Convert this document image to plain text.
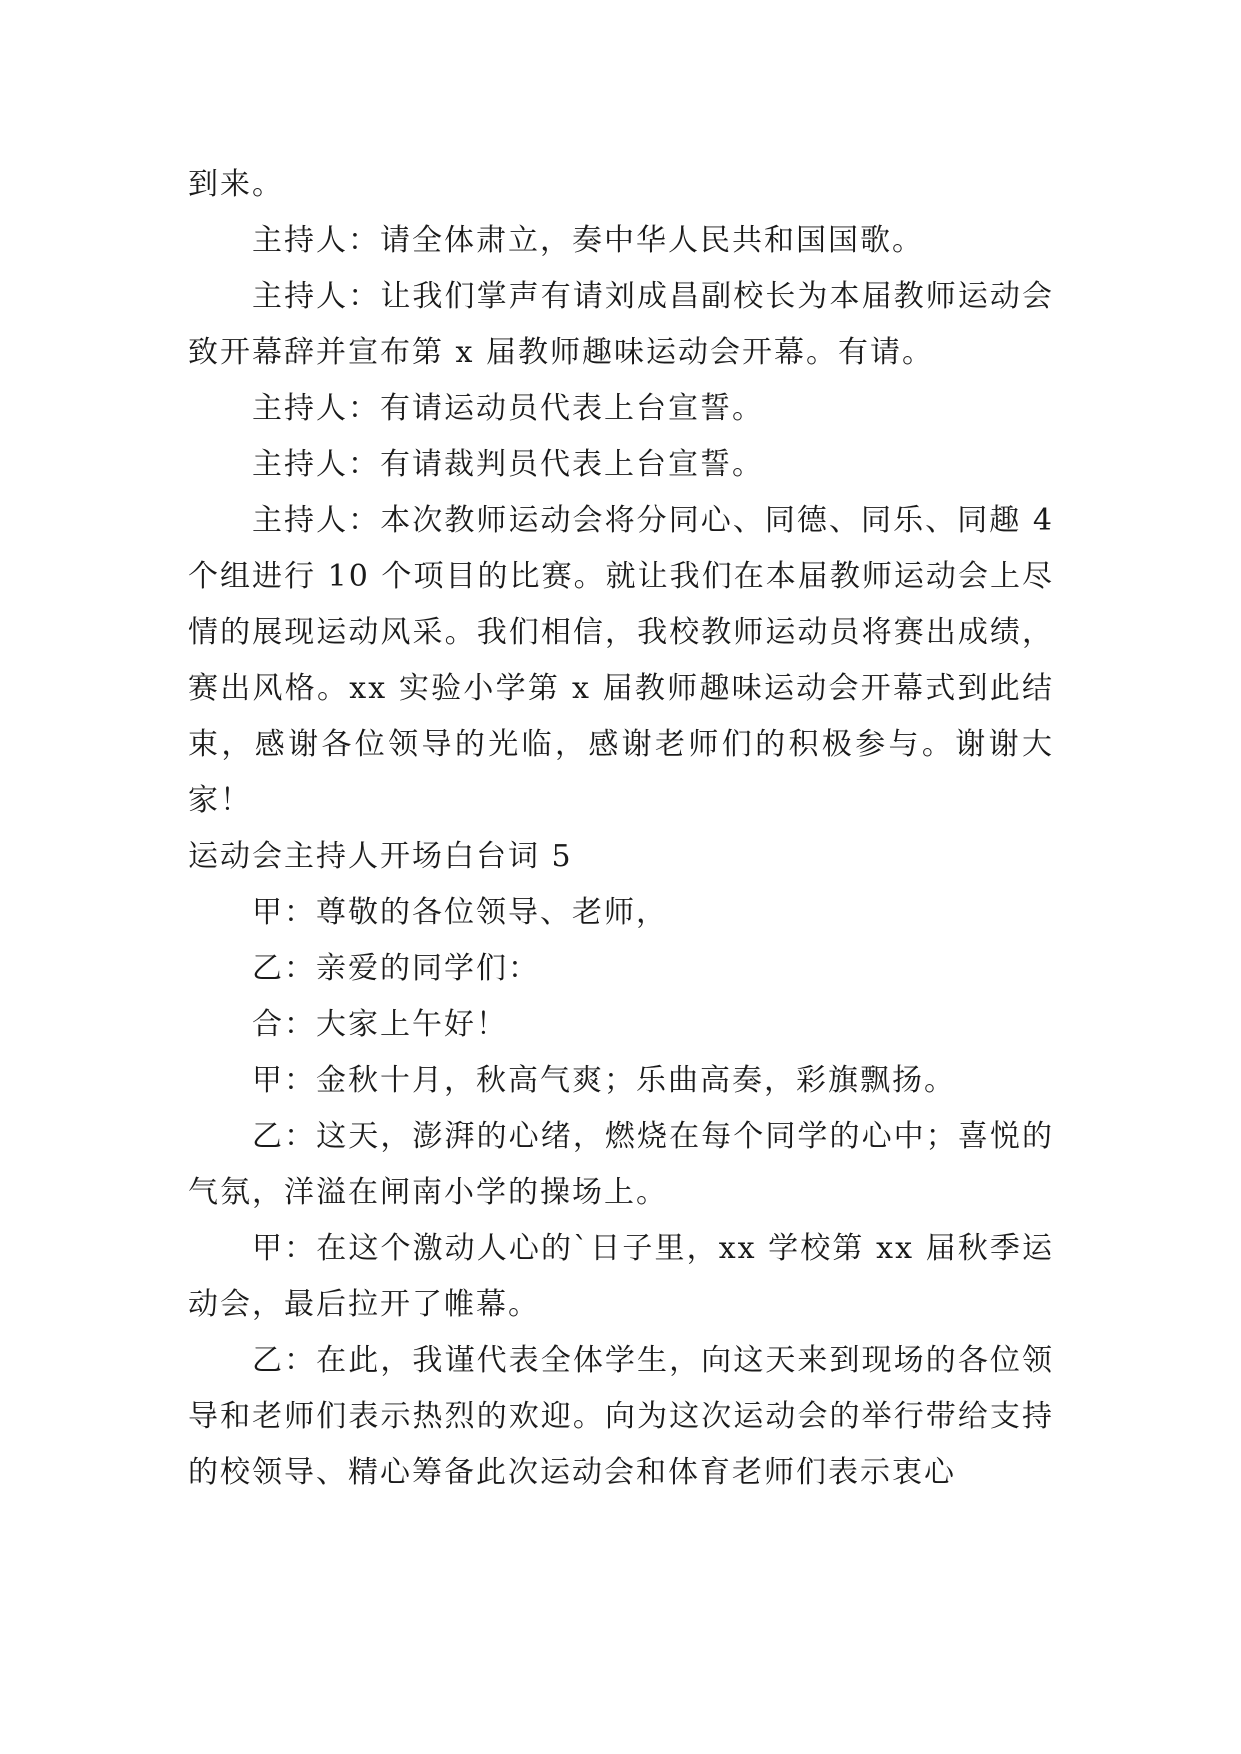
到来。

主持人：请全体肃立，奏中华人民共和国国歌。

主持人：让我们掌声有请刘成昌副校长为本届教师运动会致开幕辞并宣布第 x 届教师趣味运动会开幕。有请。

主持人：有请运动员代表上台宣誓。

主持人：有请裁判员代表上台宣誓。

主持人：本次教师运动会将分同心、同德、同乐、同趣 4 个组进行 10 个项目的比赛。就让我们在本届教师运动会上尽情的展现运动风采。我们相信，我校教师运动员将赛出成绩，赛出风格。xx 实验小学第 x 届教师趣味运动会开幕式到此结束，感谢各位领导的光临，感谢老师们的积极参与。谢谢大家！

运动会主持人开场白台词 5

甲：尊敬的各位领导、老师，

乙：亲爱的同学们：

合：大家上午好！

甲：金秋十月，秋高气爽；乐曲高奏，彩旗飘扬。

乙：这天，澎湃的心绪，燃烧在每个同学的心中；喜悦的气氛，洋溢在闸南小学的操场上。

甲：在这个激动人心的`日子里，xx 学校第 xx 届秋季运动会，最后拉开了帷幕。

乙：在此，我谨代表全体学生，向这天来到现场的各位领导和老师们表示热烈的欢迎。向为这次运动会的举行带给支持的校领导、精心筹备此次运动会和体育老师们表示衷心
